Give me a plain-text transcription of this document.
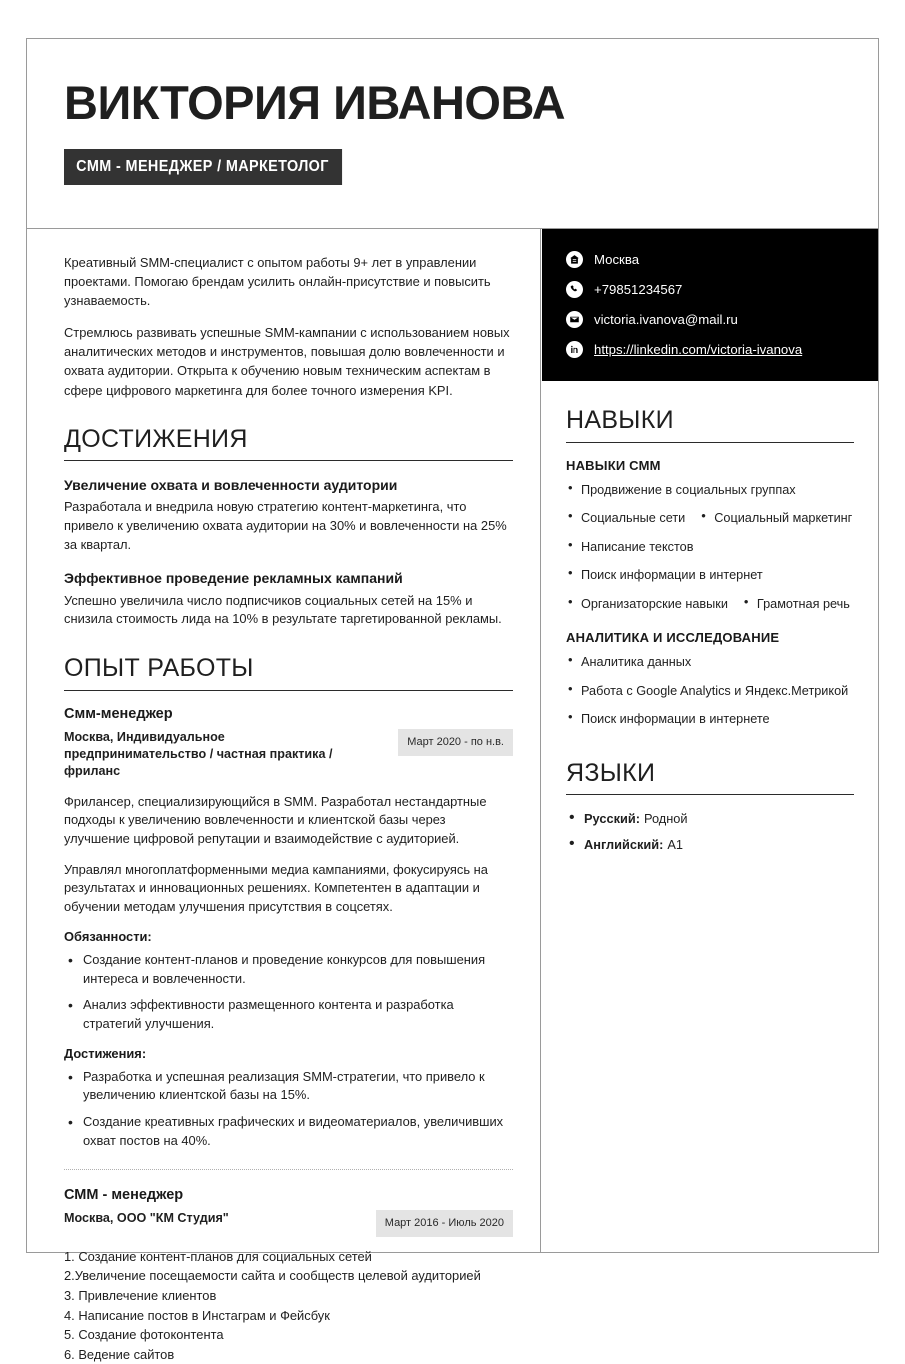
ВИКТОРИЯ ИВАНОВА
CMM - МЕНЕДЖЕР / МАРКЕТОЛОГ

Креативный SMM-специалист с опытом работы 9+ лет в управлении проектами. Помогаю брендам усилить онлайн-присутствие и повысить узнаваемость.

Стремлюсь развивать успешные SMM-кампании с использованием новых аналитических методов и инструментов, повышая долю вовлеченности и охвата аудитории. Открыта к обучению новым техническим аспектам в сфере цифрового маркетинга для более точного измерения KPI.

ДОСТИЖЕНИЯ
Увеличение охвата и вовлеченности аудитории
Разработала и внедрила новую стратегию контент-маркетинга, что привело к увеличению охвата аудитории на 30% и вовлеченности на 25% за квартал.
Эффективное проведение рекламных кампаний
Успешно увеличила число подписчиков социальных сетей на 15% и снизила стоимость лида на 10% в результате таргетированной рекламы.
ОПЫТ РАБОТЫ
Смм-менеджер
Москва, Индивидуальное предпринимательство / частная практика / фриланс
Март 2020 - по н.в.
Фрилансер, специализирующийся в SMM. Разработал нестандартные подходы к увеличению вовлеченности и клиентской базы через улучшение цифровой репутации и взаимодействие с аудиторией.
Управлял многоплатформенными медиа кампаниями, фокусируясь на результатах и инновационных решениях. Компетентен в адаптации и обучении методам улучшения присутствия в соцсетях.
Обязанности:
• Создание контент-планов и проведение конкурсов для повышения интереса и вовлеченности.
• Анализ эффективности размещенного контента и разработка стратегий улучшения.
Достижения:
• Разработка и успешная реализация SMM-стратегии, что привело к увеличению клиентской базы на 15%.
• Создание креативных графических и видеоматериалов, увеличивших охват постов на 40%.
СММ - менеджер
Москва, ООО "КМ Студия"	Март 2016 - Июль 2020
1. Создание контент-планов для социальных сетей
2.Увеличение посещаемости сайта и сообществ целевой аудиторией
3. Привлечение клиентов
4. Написание постов в Инстаграм и Фейсбук
5. Создание фотоконтента
6. Ведение сайтов
Москва
+79851234567
victoria.ivanova@mail.ru
https://linkedin.com/victoria-ivanova
НАВЫКИ
НАВЫКИ СММ
• Продвижение в социальных группах
• Социальные сети • Социальный маркетинг
• Написание текстов
• Поиск информации в интернет
• Организаторские навыки • Грамотная речь
АНАЛИТИКА И ИССЛЕДОВАНИЕ
• Аналитика данных
• Работа с Google Analytics и Яндекс.Метрикой
• Поиск информации в интернете
ЯЗЫКИ
• Русский: Родной
• Английский: A1
